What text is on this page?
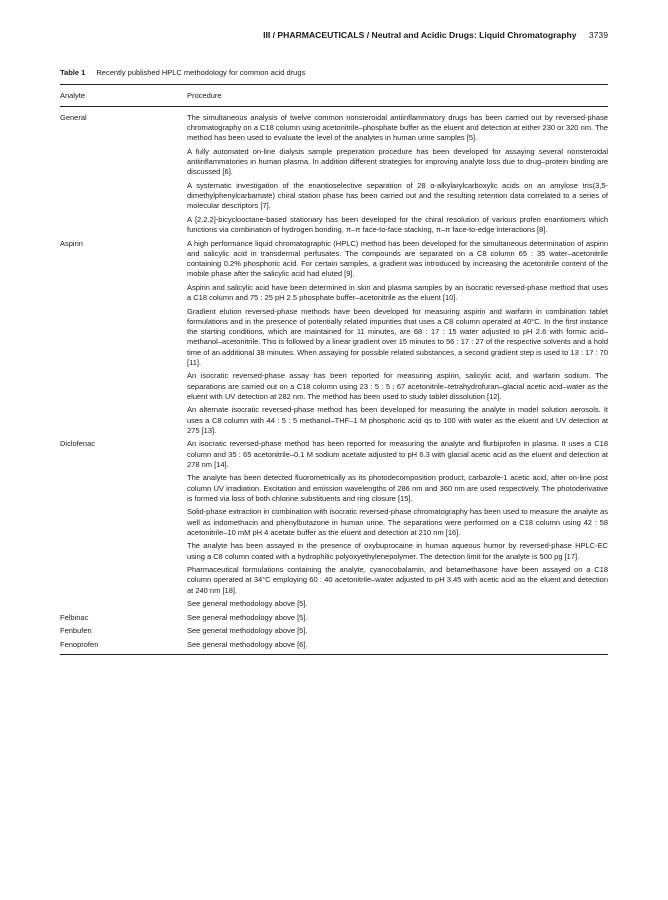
III / PHARMACEUTICALS / Neutral and Acidic Drugs: Liquid Chromatography 3739
Table 1 Recently published HPLC methodology for common acid drugs
Analyte	Procedure
General	The simultaneous analysis of twelve common nonsteroidal antiinflammatory drugs has been carried out by reversed-phase chromatography on a C18 column using acetonitrile–phosphate buffer as the eluent and detection at either 230 or 320 nm. The method has been used to evaluate the level of the analytes in human urine samples [5].

A fully automated on-line dialysis sample preperation procedure has been developed for assaying several nonsteroidal antiinflammatories in human plasma. In addition different strategies for improving analyte loss due to drug–protein binding are discussed [6].

A systematic investigation of the enantioselective separation of 28 α-alkylarylcarboxylic acids on an amylose tris(3,5-dimethylphenylcarbamate) chiral station phase has been carried out and the resulting retention data correlated to a series of molecular descriptors [7].

A [2.2.2]-bicyclooctane-based stationary has been developed for the chiral resolution of various profen enantiomers which functions via combination of hydrogen bonding, π–π face-to-face stacking, π–π face-to-edge interactions [8].

Aspirin	A high performance liquid chromatographic (HPLC) method has been developed for the simultaneous determination of aspirin and salicylic acid in transdermal perfusates. The compounds are separated on a C8 column 65 : 35 water–acetonitrile containing 0.2% phosphoric acid. For certain samples, a gradient was introduced by increasing the acetonitrile content of the mobile phase after the salicylic acid had eluted [9].

Aspirin and salicylic acid have been determined in skin and plasma samples by an isocratic reversed-phase method that uses a C18 column and 75 : 25 pH 2.5 phosphate buffer–acetonitrile as the eluent [10].

Gradient elution reversed-phase methods have been developed for measuring aspirin and warfarin in combination tablet formulations and in the presence of potentially related impurities that uses a C8 column operated at 40°C. In the first instance the starting conditions, which are maintained for 11 minutes, are 68 : 17 : 15 water adjusted to pH 2.6 with formic acid–methanol–acetonitrile. This is followed by a linear gradient over 15 minutes to 56 : 17 : 27 of the respective solvents and a hold time of an additional 38 minutes. When assaying for possible related substances, a second gradient step is used to 13 : 17 : 70 [11].

An isocratic reversed-phase assay has been reported for measuring aspirin, salicylic acid, and warfarin sodium. The separations are carried out on a C18 column using 23 : 5 : 5 : 67 acetonitrile–tetrahydrofuran–glacial acetic acid–water as the eluent with UV detection at 282 nm. The method has been used to study tablet dissolution [12].

An alternate isocratic reversed-phase method has been developed for measuring the analyte in model solution aerosols. It uses a C8 column with 44 : 5 : 5 methanol–THF–1 M phosphoric acid qs to 100 with water as the eluent and UV detection at 275 [13].

Diclofenac	An isocratic reversed-phase method has been reported for measuring the analyte and flurbiprofen in plasma. It uses a C18 column and 35 : 65 acetonitrile–0.1 M sodium acetate adjusted to pH 6.3 with glacial acetic acid as the eluent and detection at 278 nm [14].

The analyte has been detected fluorometrically as its photodecomposition product, carbazole-1 acetic acid, after on-line post column UV irradiation. Excitation and emission wavelengths of 286 nm and 360 nm are used respectively. The photoderivative is formed via loss of both chlorine substituents and ring closure [15].

Solid-phase extraction in combination with isocratic reversed-phase chromatography has been used to measure the analyte as well as indomethacin and phenylbutazone in human urine. The separations were performed on a C18 column using 42 : 58 acetonitrile–10 mM pH 4 acetate buffer as the eluent and detection at 210 nm [16].

The analyte has been assayed in the presence of oxybuprocaine in human aqueous humor by reversed-phase HPLC-EC using a C8 column coated with a hydrophilic polyoxyethylenepolymer. The detection limit for the analyte is 500 pg [17].

Pharmaceutical formulations containing the analyte, cyanocobalamin, and betamethasone have been assayed on a C18 column operated at 34°C employing 60 : 40 acetonitrile–water adjusted to pH 3.45 with acetic acid as the eluent and detection at 240 nm [18].

See general methodology above [5].

Felbinac	See general methodology above [5].

Fenbufen	See general methodology above [5].

Fenoprofen	See general methodology above [6].
